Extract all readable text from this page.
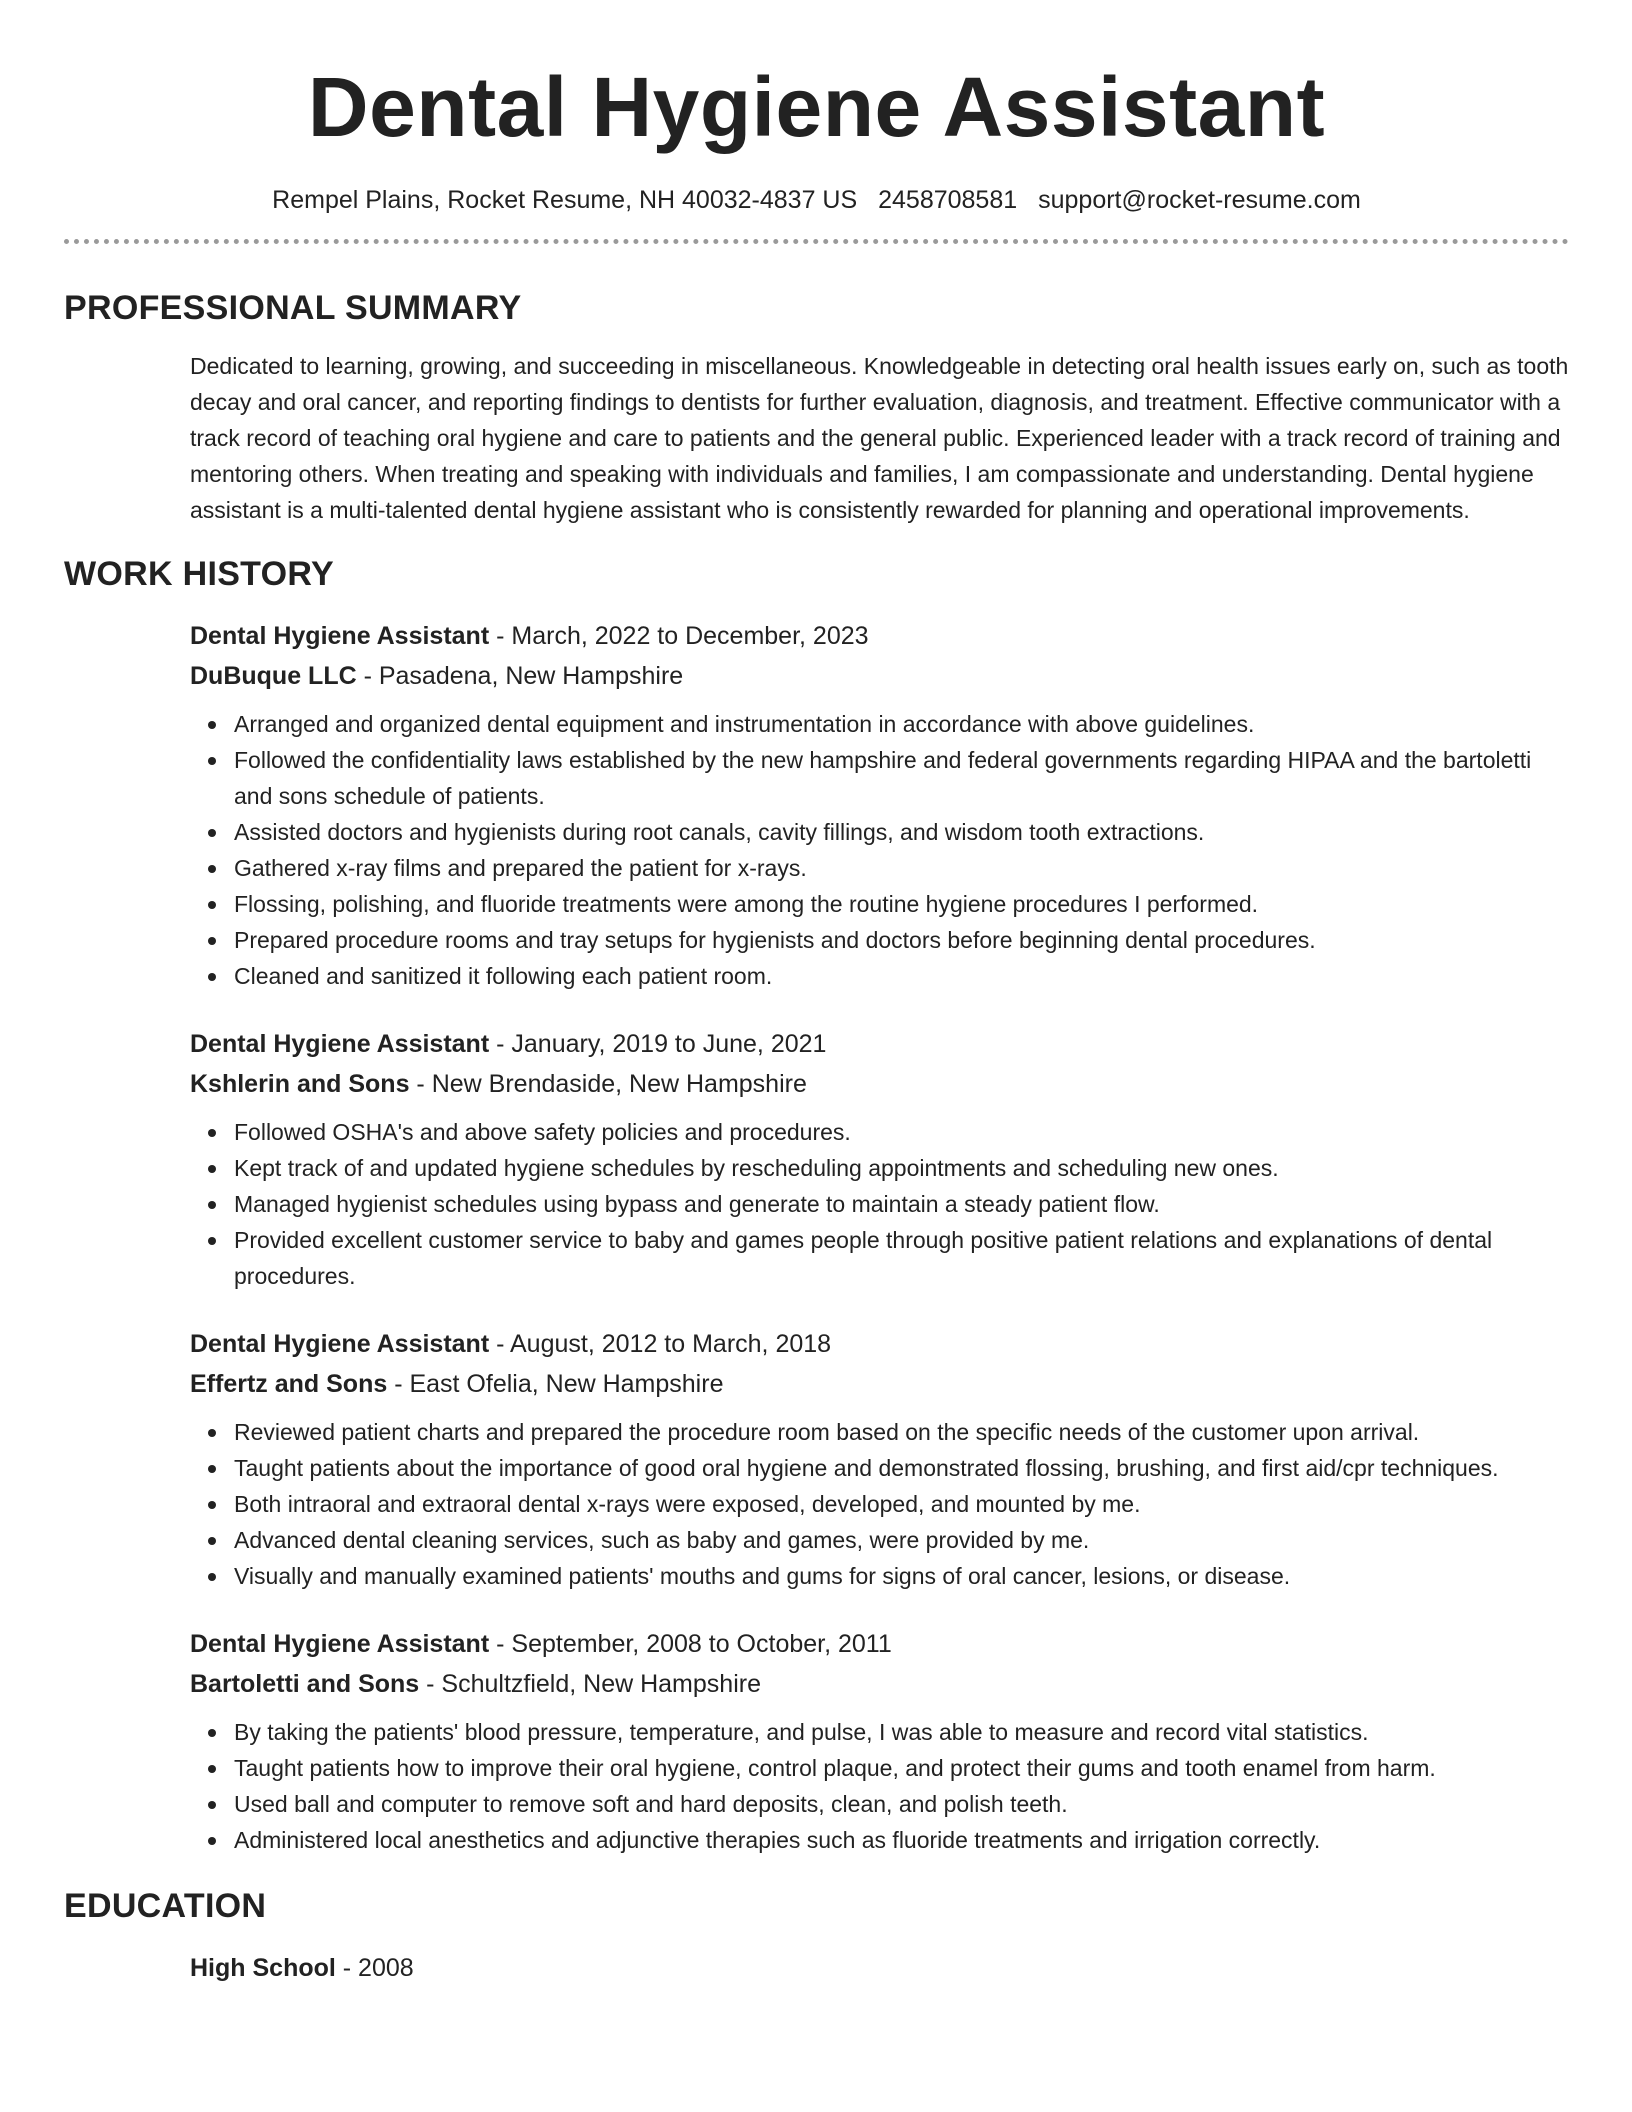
Dental Hygiene Assistant
Rempel Plains, Rocket Resume, NH 40032-4837 US 2458708581 support@rocket-resume.com
PROFESSIONAL SUMMARY

Dedicated to learning, growing, and succeeding in miscellaneous. Knowledgeable in detecting oral health issues early on, such as tooth decay and oral cancer, and reporting findings to dentists for further evaluation, diagnosis, and treatment. Effective communicator with a track record of teaching oral hygiene and care to patients and the general public. Experienced leader with a track record of training and mentoring others. When treating and speaking with individuals and families, I am compassionate and understanding. Dental hygiene assistant is a multi-talented dental hygiene assistant who is consistently rewarded for planning and operational improvements.

WORK HISTORY
Dental Hygiene Assistant - March, 2022 to December, 2023
DuBuque LLC - Pasadena, New Hampshire
Arranged and organized dental equipment and instrumentation in accordance with above guidelines.
Followed the confidentiality laws established by the new hampshire and federal governments regarding HIPAA and the bartoletti and sons schedule of patients.
Assisted doctors and hygienists during root canals, cavity fillings, and wisdom tooth extractions.
Gathered x-ray films and prepared the patient for x-rays.
Flossing, polishing, and fluoride treatments were among the routine hygiene procedures I performed.
Prepared procedure rooms and tray setups for hygienists and doctors before beginning dental procedures.
Cleaned and sanitized it following each patient room.
Dental Hygiene Assistant - January, 2019 to June, 2021
Kshlerin and Sons - New Brendaside, New Hampshire
Followed OSHA's and above safety policies and procedures.
Kept track of and updated hygiene schedules by rescheduling appointments and scheduling new ones.
Managed hygienist schedules using bypass and generate to maintain a steady patient flow.
Provided excellent customer service to baby and games people through positive patient relations and explanations of dental procedures.
Dental Hygiene Assistant - August, 2012 to March, 2018
Effertz and Sons - East Ofelia, New Hampshire
Reviewed patient charts and prepared the procedure room based on the specific needs of the customer upon arrival.
Taught patients about the importance of good oral hygiene and demonstrated flossing, brushing, and first aid/cpr techniques.
Both intraoral and extraoral dental x-rays were exposed, developed, and mounted by me.
Advanced dental cleaning services, such as baby and games, were provided by me.
Visually and manually examined patients' mouths and gums for signs of oral cancer, lesions, or disease.
Dental Hygiene Assistant - September, 2008 to October, 2011
Bartoletti and Sons - Schultzfield, New Hampshire
By taking the patients' blood pressure, temperature, and pulse, I was able to measure and record vital statistics.
Taught patients how to improve their oral hygiene, control plaque, and protect their gums and tooth enamel from harm.
Used ball and computer to remove soft and hard deposits, clean, and polish teeth.
Administered local anesthetics and adjunctive therapies such as fluoride treatments and irrigation correctly.
EDUCATION
High School - 2008
